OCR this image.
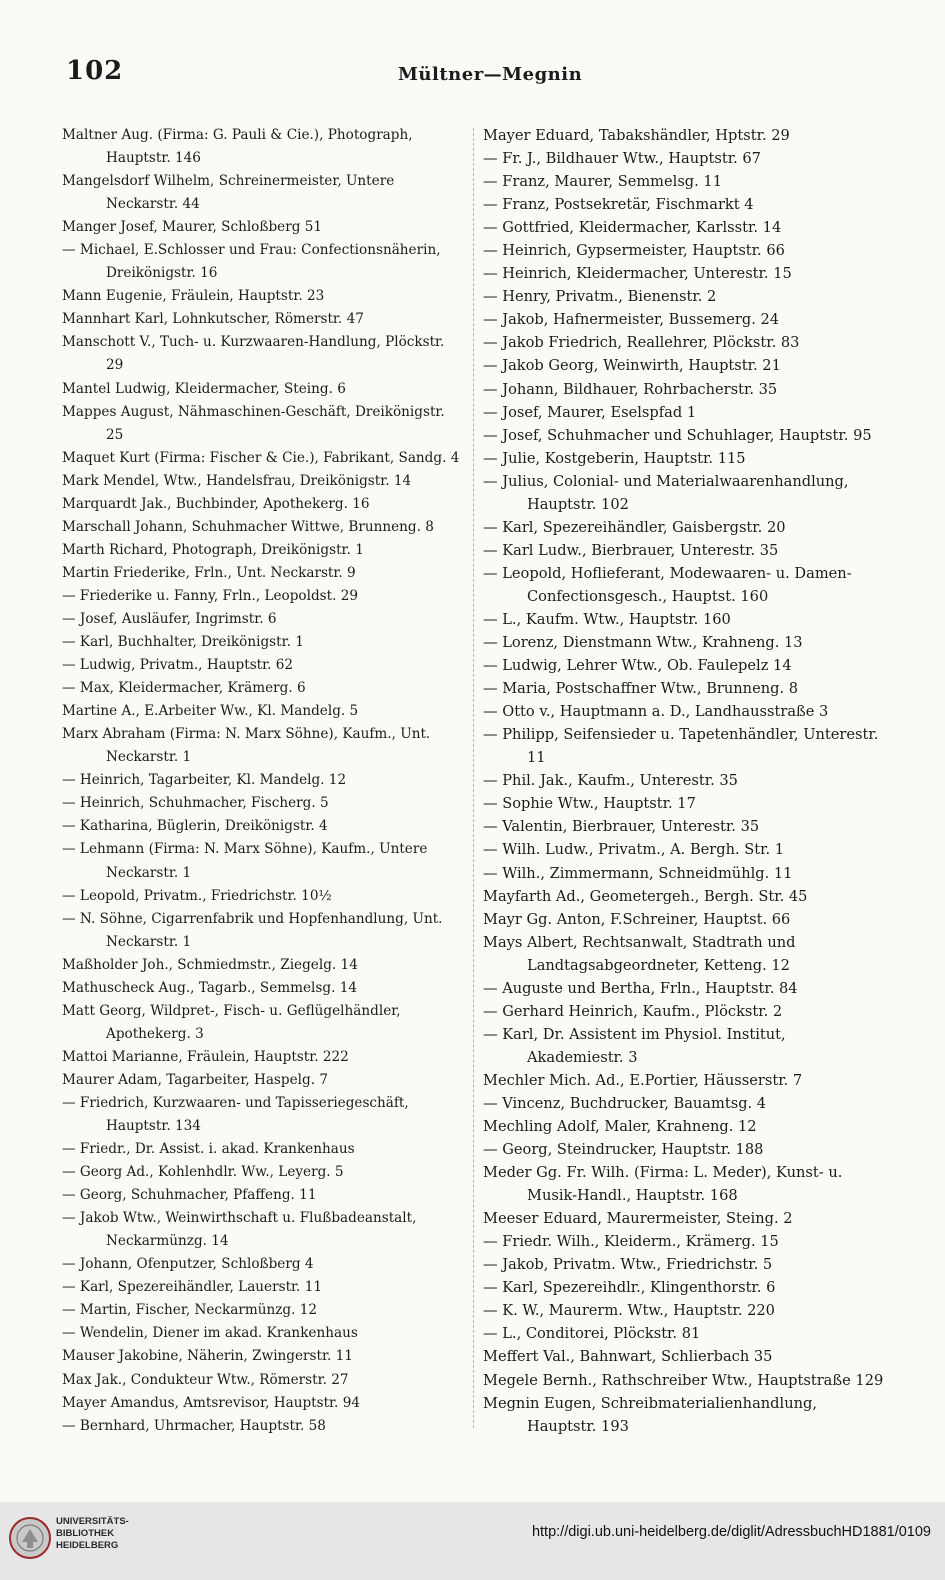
102	Mültner—Megnin
Maltner Aug. (Firma: G. Pauli & Cie.), Photograph, Hauptstr. 146
Mangelsdorf Wilhelm, Schreinermeister, Untere Neckarstr. 44
Manger Josef, Maurer, Schloßberg 51
— Michael, E.Schlosser und Frau: Confectionsnäherin, Dreikönigstr. 16
Mann Eugenie, Fräulein, Hauptstr. 23
Mannhart Karl, Lohnkutscher, Römerstr. 47
Manschott V., Tuch- u. Kurzwaaren-Handlung, Plöckstr. 29
Mantel Ludwig, Kleidermacher, Steing. 6
Mappes August, Nähmaschinen-Geschäft, Dreikönigstr. 25
Maquet Kurt (Firma: Fischer & Cie.), Fabrikant, Sandg. 4
Mark Mendel, Wtw., Handelsfrau, Dreikönigstr. 14
Marquardt Jak., Buchbinder, Apothekerg. 16
Marschall Johann, Schuhmacher Wittwe, Brunneng. 8
Marth Richard, Photograph, Dreikönigstr. 1
Martin Friederike, Frln., Unt. Neckarstr. 9
— Friederike u. Fanny, Frln., Leopoldst. 29
— Josef, Ausläufer, Ingrimstr. 6
— Karl, Buchhalter, Dreikönigstr. 1
— Ludwig, Privatm., Hauptstr. 62
— Max, Kleidermacher, Krämerg. 6
Martine A., E.Arbeiter Ww., Kl. Mandelg. 5
Marx Abraham (Firma: N. Marx Söhne), Kaufm., Unt. Neckarstr. 1
— Heinrich, Tagarbeiter, Kl. Mandelg. 12
— Heinrich, Schuhmacher, Fischerg. 5
— Katharina, Büglerin, Dreikönigstr. 4
— Lehmann (Firma: N. Marx Söhne), Kaufm., Untere Neckarstr. 1
— Leopold, Privatm., Friedrichstr. 10½
— N. Söhne, Cigarrenfabrik und Hopfenhandlung, Unt. Neckarstr. 1
Maßholder Joh., Schmiedmstr., Ziegelg. 14
Mathuscheck Aug., Tagarb., Semmelsg. 14
Matt Georg, Wildpret-, Fisch- u. Geflügelhändler, Apothekerg. 3
Mattoi Marianne, Fräulein, Hauptstr. 222
Maurer Adam, Tagarbeiter, Haspelg. 7
— Friedrich, Kurzwaaren- und Tapisseriegeschäft, Hauptstr. 134
— Friedr., Dr. Assist. i. akad. Krankenhaus
— Georg Ad., Kohlenhdlr. Ww., Leyerg. 5
— Georg, Schuhmacher, Pfaffeng. 11
— Jakob Wtw., Weinwirthschaft u. Flußbadeanstalt, Neckarmünzg. 14
— Johann, Ofenputzer, Schloßberg 4
— Karl, Spezereihändler, Lauerstr. 11
— Martin, Fischer, Neckarmünzg. 12
— Wendelin, Diener im akad. Krankenhaus
Mauser Jakobine, Näherin, Zwingerstr. 11
Max Jak., Condukteur Wtw., Römerstr. 27
Mayer Amandus, Amtsrevisor, Hauptstr. 94
— Bernhard, Uhrmacher, Hauptstr. 58
Mayer Eduard, Tabakshändler, Hptstr. 29
— Fr. J., Bildhauer Wtw., Hauptstr. 67
— Franz, Maurer, Semmelsg. 11
— Franz, Postsekretär, Fischmarkt 4
— Gottfried, Kleidermacher, Karlsstr. 14
— Heinrich, Gypsermeister, Hauptstr. 66
— Heinrich, Kleidermacher, Unterestr. 15
— Henry, Privatm., Bienenstr. 2
— Jakob, Hafnermeister, Bussemerg. 24
— Jakob Friedrich, Reallehrer, Plöckstr. 83
— Jakob Georg, Weinwirth, Hauptstr. 21
— Johann, Bildhauer, Rohrbacherstr. 35
— Josef, Maurer, Eselspfad 1
— Josef, Schuhmacher und Schuhlager, Hauptstr. 95
— Julie, Kostgeberin, Hauptstr. 115
— Julius, Colonial- und Materialwaarenhandlung, Hauptstr. 102
— Karl, Spezereihändler, Gaisbergstr. 20
— Karl Ludw., Bierbrauer, Unterestr. 35
— Leopold, Hoflieferant, Modewaaren- u. Damen-Confectionsgesch., Hauptst. 160
— L., Kaufm. Wtw., Hauptstr. 160
— Lorenz, Dienstmann Wtw., Krahneng. 13
— Ludwig, Lehrer Wtw., Ob. Faulepelz 14
— Maria, Postschaffner Wtw., Brunneng. 8
— Otto v., Hauptmann a. D., Landhausstraße 3
— Philipp, Seifensieder u. Tapetenhändler, Unterestr. 11
— Phil. Jak., Kaufm., Unterestr. 35
— Sophie Wtw., Hauptstr. 17
— Valentin, Bierbrauer, Unterestr. 35
— Wilh. Ludw., Privatm., A. Bergh. Str. 1
— Wilh., Zimmermann, Schneidmühlg. 11
Mayfarth Ad., Geometergeh., Bergh. Str. 45
Mayr Gg. Anton, F.Schreiner, Hauptst. 66
Mays Albert, Rechtsanwalt, Stadtrath und Landtagsabgeordneter, Ketteng. 12
— Auguste und Bertha, Frln., Hauptstr. 84
— Gerhard Heinrich, Kaufm., Plöckstr. 2
— Karl, Dr. Assistent im Physiol. Institut, Akademiestr. 3
Mechler Mich. Ad., E.Portier, Häusserstr. 7
— Vincenz, Buchdrucker, Bauamtsg. 4
Mechling Adolf, Maler, Krahneng. 12
— Georg, Steindrucker, Hauptstr. 188
Meder Gg. Fr. Wilh. (Firma: L. Meder), Kunst- u. Musik-Handl., Hauptstr. 168
Meeser Eduard, Maurermeister, Steing. 2
— Friedr. Wilh., Kleiderm., Krämerg. 15
— Jakob, Privatm. Wtw., Friedrichstr. 5
— Karl, Spezereihdlr., Klingenthorstr. 6
— K. W., Maurerm. Wtw., Hauptstr. 220
— L., Conditorei, Plöckstr. 81
Meffert Val., Bahnwart, Schlierbach 35
Megele Bernh., Rathschreiber Wtw., Hauptstraße 129
Megnin Eugen, Schreibmaterialienhandlung, Hauptstr. 193
UNIVERSITÄTS-
BIBLIOTHEK
HEIDELBERG
http://digi.ub.uni-heidelberg.de/diglit/AdressbuchHD1881/0109
